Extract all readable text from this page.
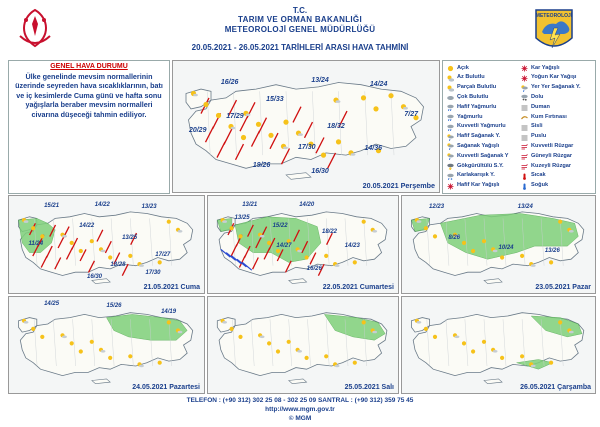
T.C.
TARIM VE ORMAN BAKANLIĞI
METEOROLOJİ GENEL MÜDÜRLÜĞÜ
20.05.2021 - 26.05.2021 TARİHLERİ ARASI HAVA TAHMİNİ
METEOROLOJİ
GENEL HAVA DURUMU
Ülke genelinde mevsim normallerinin üzerinde seyreden hava sıcaklıklarının, batı ve iç kesimlerde Cuma günü ve hafta sonu yağışlarla beraber mevsim normalleri civarına düşeceği tahmin ediliyor.
Açık
Az Bulutlu
Parçalı Bulutlu
Çok Bulutlu
Hafif Yağmurlu
Yağmurlu
Kuvvetli Yağmurlu
Hafif Sağanak Y.
Sağanak Yağışlı
Kuvvetli Sağanak Y
Gökgürültülü S.Y.
Karlakarışık Y.
Hafif Kar Yağışlı
Kar Yağışlı
Yoğun Kar Yağışı
Yer Yer Sağanak Y.
Dolu
Duman
Kum Fırtınası
Sisli
Puslu
Kuvvetli Rüzgar
Güneyli Rüzgar
Kuzeyli Rüzgar
Sıcak
Soğuk
16/26	13/24
14/24
15/33
17/29
20/29
18/32
7/27
17/30	14/36
16/30
19/26
20.05.2021 Perşembe
15/21	14/22	13/23
14/22
11/24
13/25
17/27
18/28
17/30
16/30
21.05.2021 Cuma
13/21	14/20
13/25
15/22
18/22
14/27	14/23
16/26
22.05.2021 Cumartesi
12/23	13/24
8/26
10/24
13/26
23.05.2021 Pazar
14/25	15/26
14/19
24.05.2021 Pazartesi	25.05.2021 Salı	26.05.2021 Çarşamba
TELEFON : (+90 312) 302 25 08 - 302 25 09 SANTRAL : (+90 312) 359 75 45
http://www.mgm.gov.tr
© MGM
